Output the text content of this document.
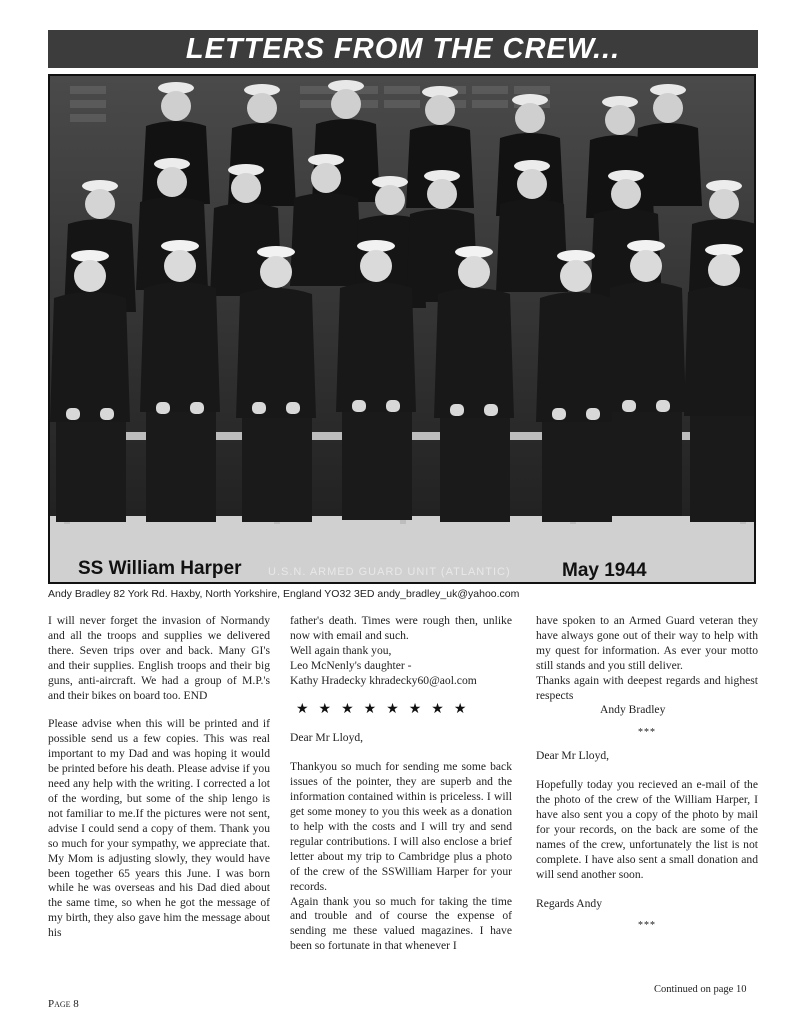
LETTERS FROM THE CREW...
SS William Harper U.S.N. ARMED GUARD UNIT (ATLANTIC)	May 1944
Andy Bradley 82 York Rd. Haxby, North Yorkshire, England YO32 3ED andy_bradley_uk@yahoo.com

I will never forget the invasion of Normandy and all the troops and supplies we delivered there. Seven trips over and back. Many GI's and their supplies. English troops and their big guns, anti-aircraft. We had a group of M.P.'s and their bikes on board too. END

Please advise when this will be printed and if possible send us a few copies. This was real important to my Dad and was hoping it would be printed before his death. Please advise if you need any help with the writing. I corrected a lot of the wording, but some of the ship lengo is not familiar to me.If the pictures were not sent, advise I could send a copy of them. Thank you so much for your sympathy, we appreciate that. My Mom is adjusting slowly, they would have been together 65 years this June. I was born while he was overseas and his Dad died about the same time, so when he got the message of my birth, they also gave him the message about his

father's death. Times were rough then, unlike now with email and such.

Well again thank you,

Leo McNenly's daughter -

Kathy Hradecky khradecky60@aol.com

★★★★★★★★

Dear Mr Lloyd,

Thankyou so much for sending me some back issues of the pointer, they are superb and the information contained within is priceless. I will get some money to you this week as a donation to help with the costs and I will try and send regular contributions. I will also enclose a brief letter about my trip to Cambridge plus a photo of the crew of the SSWilliam Harper for your records.

Again thank you so much for taking the time and trouble and of course the expense of sending me these valued magazines. I have been so fortunate in that whenever I

have spoken to an Armed Guard veteran they have always gone out of their way to help with my quest for information. As ever your motto still stands and you still deliver.

Thanks again with deepest regards and highest respects

Andy Bradley

***

Dear Mr Lloyd,

Hopefully today you recieved an e-mail of the the photo of the crew of the William Harper, I have also sent you a copy of the photo by mail for your records, on the back are some of the names of the crew, unfortunately the list is not complete. I have also sent a small donation and will send another soon.

Regards Andy

***

Page 8
Continued on page 10
